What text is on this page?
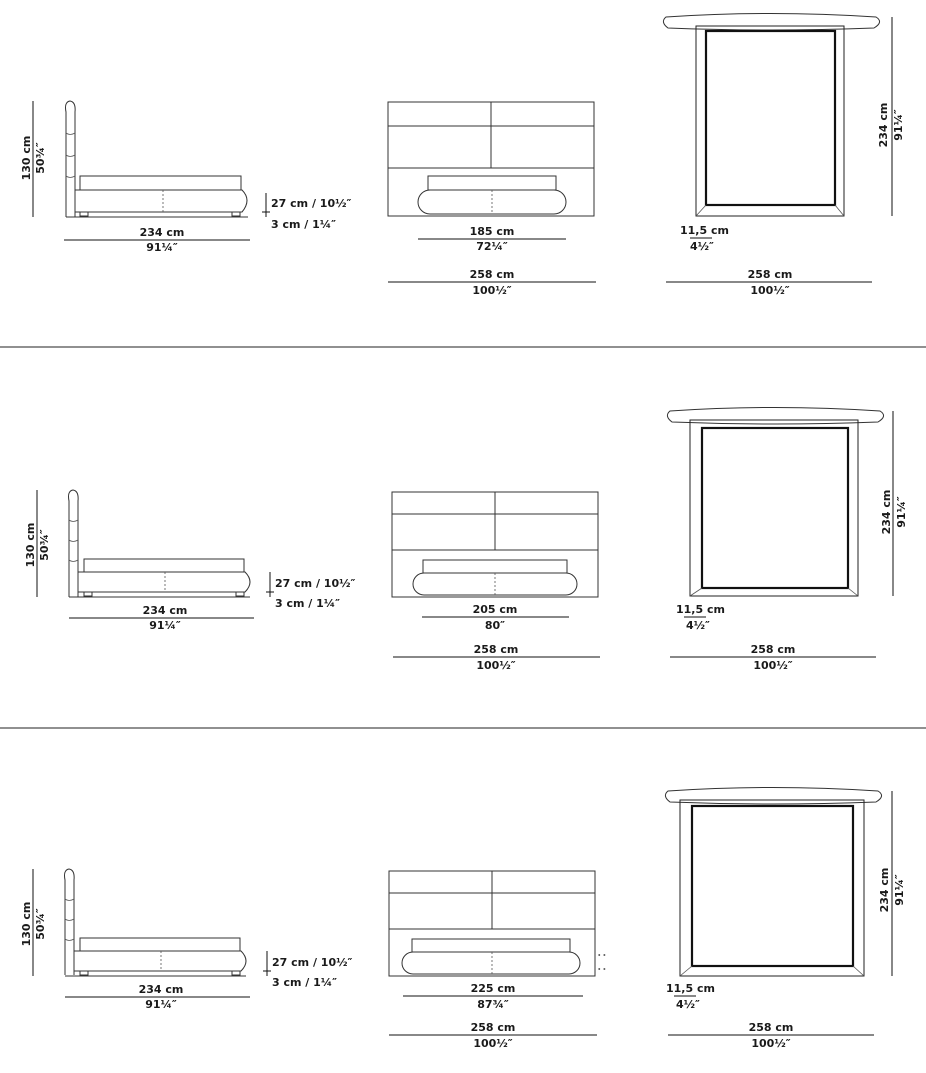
130 cm 50¾″
234 cm
91¼″
27 cm / 10½″
3 cm / 1¼″
185 cm
72¼″
258 cm
100½″
234 cm 91¼″
11,5 cm
4½″
258 cm
100½″
130 cm 50¾″
234 cm
91¼″
27 cm / 10½″
3 cm / 1¼″	205 cm
80″
258 cm
100½″
234 cm 91¼″
11,5 cm
4½″
258 cm
100½″
130 cm 50¾″
234 cm
91¼″
27 cm / 10½″
3 cm / 1¼″
· ·
· ·
225 cm
87¾″
258 cm
100½″
234 cm 91¼″
11,5 cm
4½″
258 cm
100½″
